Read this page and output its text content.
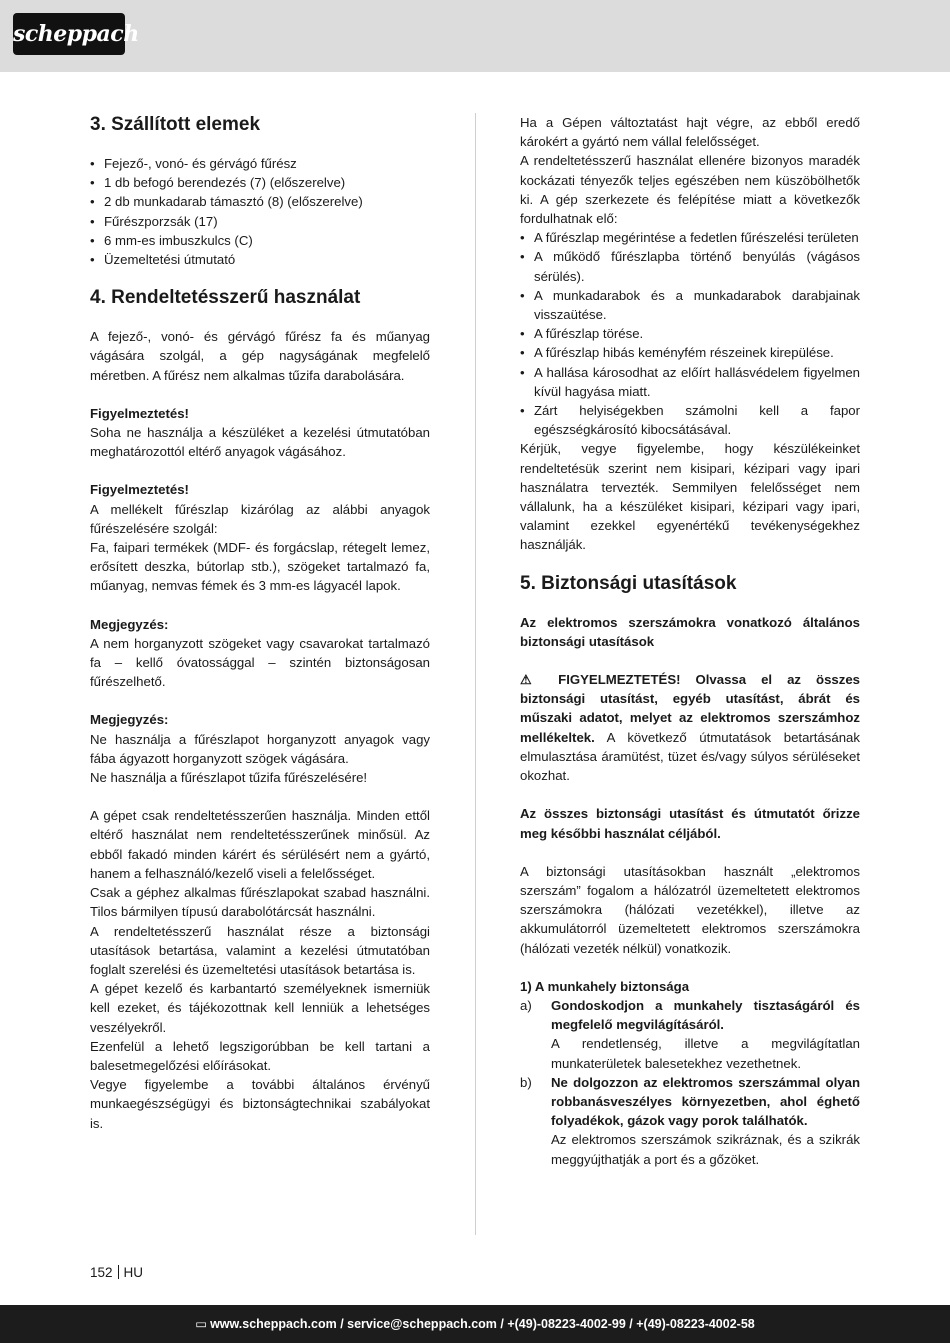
scheppach
3. Szállított elemek
• Fejező-, vonó- és gérvágó fűrész
• 1 db befogó berendezés (7) (előszerelve)
• 2 db munkadarab támasztó (8) (előszerelve)
• Fűrészporzsák (17)
• 6 mm-es imbuszkulcs (C)
• Üzemeltetési útmutató
4. Rendeltetésszerű használat

A fejező-, vonó- és gérvágó fűrész fa és műanyag vágására szolgál, a gép nagyságának megfelelő méretben. A fűrész nem alkalmas tűzifa darabolására.

Figyelmeztetés!

Soha ne használja a készüléket a kezelési útmutatóban meghatározottól eltérő anyagok vágásához.

Figyelmeztetés!

A mellékelt fűrészlap kizárólag az alábbi anyagok fűrészelésére szolgál:

Fa, faipari termékek (MDF- és forgácslap, rétegelt lemez, erősített deszka, bútorlap stb.), szögeket tartalmazó fa, műanyag, nemvas fémek és 3 mm-es lágyacél lapok.

Megjegyzés:

A nem horganyzott szögeket vagy csavarokat tartalmazó fa – kellő óvatossággal – szintén biztonságosan fűrészelhető.

Megjegyzés:

Ne használja a fűrészlapot horganyzott anyagok vagy fába ágyazott horganyzott szögek vágására.

Ne használja a fűrészlapot tűzifa fűrészelésére!

A gépet csak rendeltetésszerűen használja. Minden ettől eltérő használat nem rendeltetésszerűnek minősül. Az ebből fakadó minden kárért és sérülésért nem a gyártó, hanem a felhasználó/kezelő viseli a felelősséget.

Csak a géphez alkalmas fűrészlapokat szabad használni. Tilos bármilyen típusú darabolótárcsát használni.

A rendeltetésszerű használat része a biztonsági utasítások betartása, valamint a kezelési útmutatóban foglalt szerelési és üzemeltetési utasítások betartása is.

A gépet kezelő és karbantartó személyeknek ismerniük kell ezeket, és tájékozottnak kell lenniük a lehetséges veszélyekről.

Ezenfelül a lehető legszigorúbban be kell tartani a balesetmegelőzési előírásokat.

Vegye figyelembe a további általános érvényű munkaegészségügyi és biztonságtechnikai szabályokat is.

Ha a Gépen változtatást hajt végre, az ebből eredő károkért a gyártó nem vállal felelősséget.

A rendeltetésszerű használat ellenére bizonyos maradék kockázati tényezők teljes egészében nem küszöbölhetők ki. A gép szerkezete és felépítése miatt a következők fordulhatnak elő:

• A fűrészlap megérintése a fedetlen fűrészelési területen
• A működő fűrészlapba történő benyúlás (vágásos sérülés).
• A munkadarabok és a munkadarabok darabjainak visszaütése.
• A fűrészlap törése.
• A fűrészlap hibás keményfém részeinek kirepülése.
• A hallása károsodhat az előírt hallásvédelem figyelmen kívül hagyása miatt.
• Zárt helyiségekben számolni kell a fapor egészségkárosító kibocsátásával.

Kérjük, vegye figyelembe, hogy készülékeinket rendeltetésük szerint nem kisipari, kézipari vagy ipari használatra tervezték. Semmilyen felelősséget nem vállalunk, ha a készüléket kisipari, kézipari vagy ipari, valamint ezekkel egyenértékű tevékenységekhez használják.

5. Biztonsági utasítások

Az elektromos szerszámokra vonatkozó általános biztonsági utasítások

⚠ FIGYELMEZTETÉS! Olvassa el az összes biztonsági utasítást, egyéb utasítást, ábrát és műszaki adatot, melyet az elektromos szerszámhoz mellékeltek. A következő útmutatások betartásának elmulasztása áramütést, tüzet és/vagy súlyos sérüléseket okozhat.

Az összes biztonsági utasítást és útmutatót őrizze meg későbbi használat céljából.

A biztonsági utasításokban használt „elektromos szerszám” fogalom a hálózatról üzemeltetett elektromos szerszámokra (hálózati vezetékkel), illetve az akkumulátorról üzemeltetett elektromos szerszámokra (hálózati vezeték nélkül) vonatkozik.

1) A munkahely biztonsága

a) Gondoskodjon a munkahely tisztaságáról és megfelelő megvilágításáról.

A rendetlenség, illetve a megvilágítatlan munkaterületek balesetekhez vezethetnek.

b) Ne dolgozzon az elektromos szerszámmal olyan robbanásveszélyes környezetben, ahol éghető folyadékok, gázok vagy porok találhatók.

Az elektromos szerszámok szikráznak, és a szikrák meggyújthatják a port és a gőzöket.

152 HU
▭ www.scheppach.com / service@scheppach.com / +(49)-08223-4002-99 / +(49)-08223-4002-58
